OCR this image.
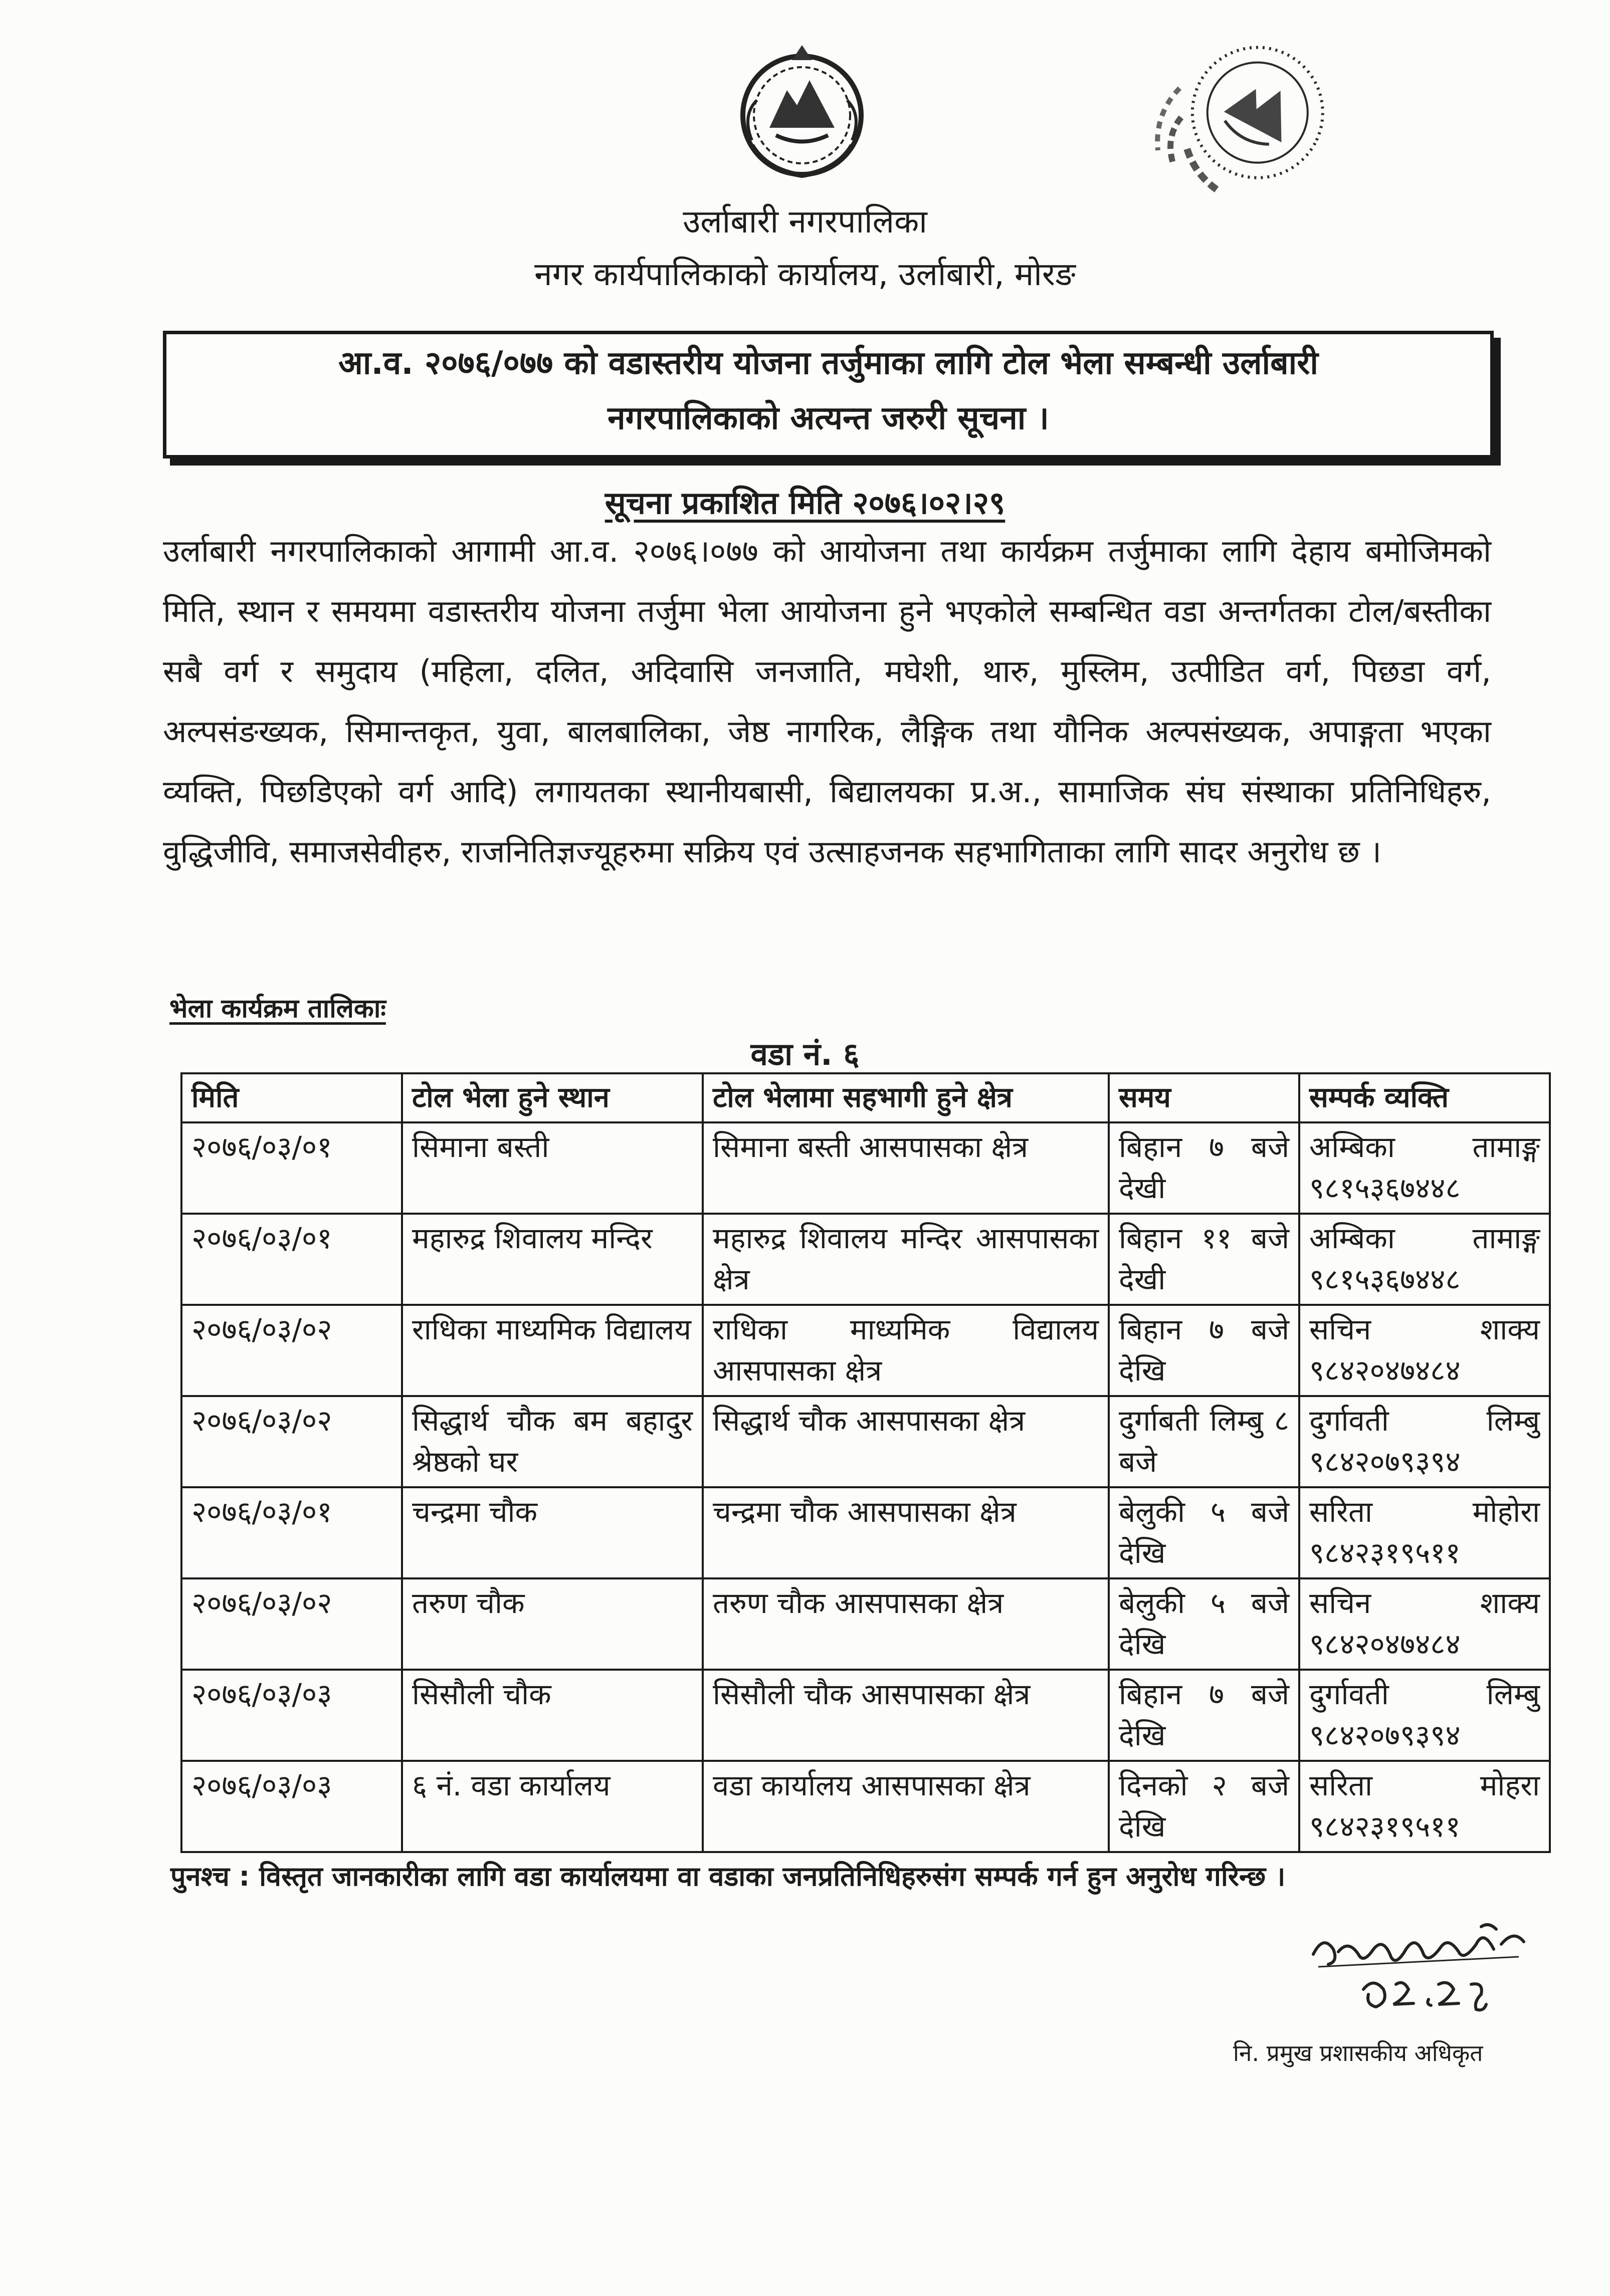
उर्लाबारी नगरपालिका
नगर कार्यपालिकाको कार्यालय, उर्लाबारी, मोरङ
आ.व. २०७६/०७७ को वडास्तरीय योजना तर्जुमाका लागि टोल भेला सम्बन्धी उर्लाबारी
नगरपालिकाको अत्यन्त जरुरी सूचना ।
सूचना प्रकाशित मिति २०७६।०२।२९
उर्लाबारी नगरपालिकाको आगामी आ.व. २०७६।०७७ को आयोजना तथा कार्यक्रम तर्जुमाका लागि देहाय बमोजिमको मिति, स्थान र समयमा वडास्तरीय योजना तर्जुमा भेला आयोजना हुने भएकोले सम्बन्धित वडा अन्तर्गतका टोल/बस्तीका सबै वर्ग र समुदाय (महिला, दलित, अदिवासि जनजाति, मघेशी, थारु, मुस्लिम, उत्पीडित वर्ग, पिछडा वर्ग, अल्पसंङख्यक, सिमान्तकृत, युवा, बालबालिका, जेष्ठ नागरिक, लैङ्गिक तथा यौनिक अल्पसंख्यक, अपाङ्गता भएका व्यक्ति, पिछडिएको वर्ग आदि) लगायतका स्थानीयबासी, बिद्यालयका प्र.अ., सामाजिक संघ संस्थाका प्रतिनिधिहरु, वुद्धिजीवि, समाजसेवीहरु, राजनितिज्ञज्यूहरुमा सक्रिय एवं उत्साहजनक सहभागिताका लागि सादर अनुरोध छ ।
भेला कार्यक्रम तालिकाः
वडा नं. ६
मिति	टोल भेला हुने स्थान	टोल भेलामा सहभागी हुने क्षेत्र	समय	सम्पर्क व्यक्ति
२०७६/०३/०१	सिमाना बस्ती	सिमाना बस्ती आसपासका क्षेत्र	बिहान ७ बजे देखी	अम्बिका तामाङ्ग ९८१५३६७४४८
२०७६/०३/०१	महारुद्र शिवालय मन्दिर	महारुद्र शिवालय मन्दिर आसपासका क्षेत्र	बिहान ११ बजे देखी	अम्बिका तामाङ्ग ९८१५३६७४४८
२०७६/०३/०२	राधिका माध्यमिक विद्यालय	राधिका माध्यमिक विद्यालय आसपासका क्षेत्र	बिहान ७ बजे देखि	सचिन शाक्य ९८४२०४७४८४
२०७६/०३/०२	सिद्धार्थ चौक बम बहादुर श्रेष्ठको घर	सिद्धार्थ चौक आसपासका क्षेत्र	दुर्गाबती लिम्बु ८ बजे	दुर्गावती लिम्बु ९८४२०७९३९४
२०७६/०३/०१	चन्द्रमा चौक	चन्द्रमा चौक आसपासका क्षेत्र	बेलुकी ५ बजे देखि	सरिता मोहोरा ९८४२३१९५११
२०७६/०३/०२	तरुण चौक	तरुण चौक आसपासका क्षेत्र	बेलुकी ५ बजे देखि	सचिन शाक्य ९८४२०४७४८४
२०७६/०३/०३	सिसौली चौक	सिसौली चौक आसपासका क्षेत्र	बिहान ७ बजे देखि	दुर्गावती लिम्बु ९८४२०७९३९४
२०७६/०३/०३	६ नं. वडा कार्यालय	वडा कार्यालय आसपासका क्षेत्र	दिनको २ बजे देखि	सरिता मोहरा ९८४२३१९५११
पुनश्च : विस्तृत जानकारीका लागि वडा कार्यालयमा वा वडाका जनप्रतिनिधिहरुसंग सम्पर्क गर्न हुन अनुरोध गरिन्छ ।
नि. प्रमुख प्रशासकीय अधिकृत
